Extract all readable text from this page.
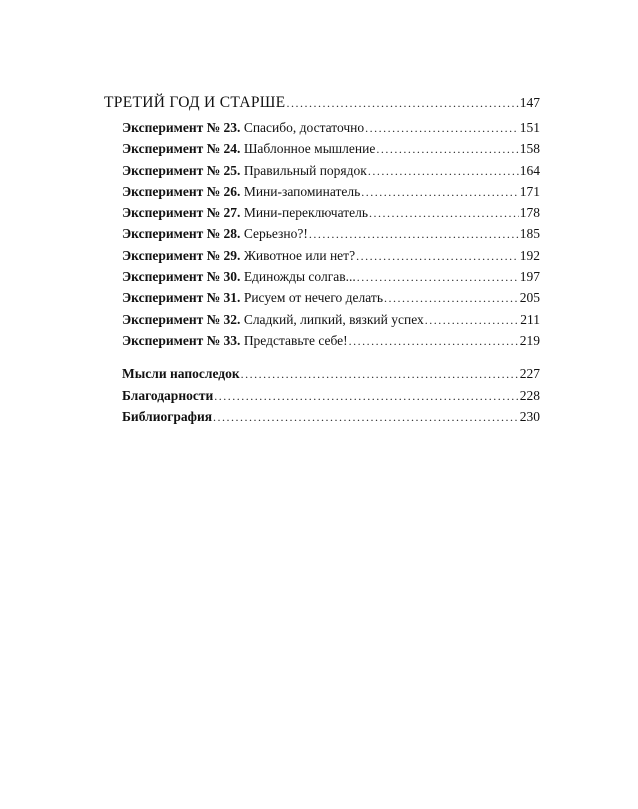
ТРЕТИЙ ГОД И СТАРШЕ .....	147
Эксперимент № 23. Спасибо, достаточно .....	151
Эксперимент № 24. Шаблонное мышление .....	158
Эксперимент № 25. Правильный порядок .....	164
Эксперимент № 26. Мини-запоминатель .....	171
Эксперимент № 27. Мини-переключатель .....	178
Эксперимент № 28. Серьезно?! .....	185
Эксперимент № 29. Животное или нет? .....	192
Эксперимент № 30. Единожды солгав... .....	197
Эксперимент № 31. Рисуем от нечего делать .....	205
Эксперимент № 32. Сладкий, липкий, вязкий успех .....	211
Эксперимент № 33. Представьте себе! .....	219
Мысли напоследок .....	227
Благодарности .....	228
Библиография .....	230
